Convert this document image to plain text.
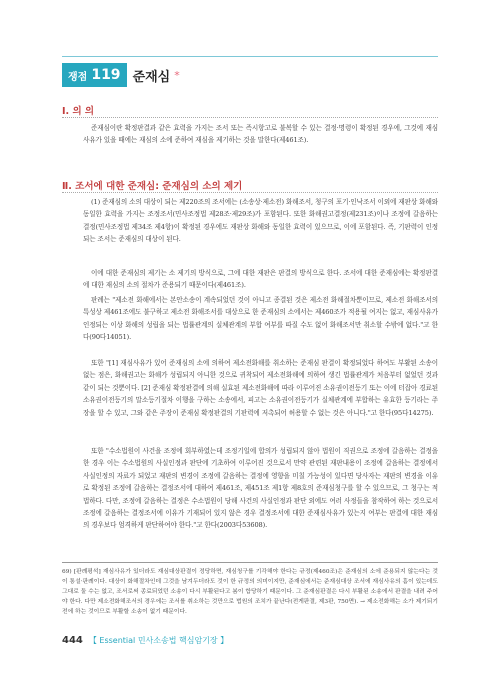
쟁점 119 준재심 *
Ⅰ. 의 의
준재심이란 확정판결과 같은 효력을 가지는 조서 또는 즉시항고로 불복할 수 있는 결정·명령이 확정된 경우에, 그것에 재심사유가 있을 때에는 재심의 소에 준하여 재심을 제기하는 것을 말한다(제461조).
Ⅱ. 조서에 대한 준재심: 준재심의 소의 제기
(1) 준재심의 소의 대상이 되는 제220조의 조서에는 (소송상·제소전) 화해조서, 청구의 포기·인낙조서 이외에 재판상 화해와 동일한 효력을 가지는 조정조서(민사조정법 제28조·제29조)가 포함된다. 또한 화해권고결정(제231조)이나 조정에 갈음하는 결정(민사조정법 제34조 제4항)이 확정된 경우에도 재판상 화해와 동일한 효력이 있으므로, 이에 포함된다. 즉, 기판력이 인정되는 조서는 준재심의 대상이 된다.
이에 대한 준재심의 제기는 소 제기의 방식으로, 그에 대한 재판은 판결의 방식으로 한다. 조서에 대한 준재심에는 확정판결에 대한 재심의 소의 절차가 준용되기 때문이다(제461조).
판례는 "제소전 화해에서는 본안소송이 계속되었던 것이 아니고 종결된 것은 제소전 화해절차뿐이므로, 제소전 화해조서의 특성상 제461조에도 불구하고 제소전 화해조서를 대상으로 한 준재심의 소에서는 제460조가 적용될 여지는 없고, 재심사유가 인정되는 이상 화해의 성립을 되는 법률관계의 실체관계의 부합 여부를 따질 수도 없어 화해조서만 취소할 수밖에 없다."고 한다(90다14051).
또한 "[1] 재심사유가 있어 준재심의 소에 의하여 제소전화해를 취소하는 준재심 판결이 확정되었다 하여도 부활된 소송이 없는 점은, 화해권고는 화해가 성립되지 아니한 것으로 귀착되어 제소전화해에 의하여 생긴 법률관계가 처음부터 없었던 것과 같이 되는 것뿐이다. [2] 준재심 확정판결에 의해 실효된 제소전화해에 따라 이루어진 소유권이전등기 또는 이에 터잡아 경료된 소유권이전등기의 말소등기절차 이행을 구하는 소송에서, 피고는 소유권이전등기가 실체관계에 부합하는 유효한 등기라는 주장을 할 수 있고, 그와 같은 주장이 준재심 확정판결의 기판력에 저촉되어 허용할 수 없는 것은 아니다."고 한다(95다14275).
또한 "수소법원이 사건을 조정에 회부하였는데 조정기일에 합의가 성립되지 않아 법원이 직권으로 조정에 갈음하는 결정을 한 경우 이는 수소법원의 사실인정과 판단에 기초하여 이루어진 것으로서 만약 관련된 재판내용이 조정에 갈음하는 결정에서 사실인정의 자료가 되었고 재판의 변경이 조정에 갈음하는 결정에 영향을 미칠 가능성이 있다면 당사자는 재판의 변경을 이유로 확정된 조정에 갈음하는 결정조서에 대하여 제461조, 제451조 제1항 제8호의 준재심청구를 할 수 있으므로, 그 청구는 적법하다. 다만, 조정에 갈음하는 결정은 수소법원이 당해 사건의 사실인정과 판단 외에도 여러 사정들을 참작하여 하는 것으로서 조정에 갈음하는 결정조서에 이유가 기재되어 있지 않은 경우 결정조서에 대한 준재심사유가 있는지 여부는 판결에 대한 재심의 경우보다 엄격하게 판단하여야 한다."고 한다(2003다53608).
69) [판례평석] 재심사유가 있더라도 재심대상판결이 정당하면, 재심청구를 기각해야 한다는 규정(제460조)은 준재심의 소에 준용되지 않는다는 것이 통설·판례이다. 대상이 화해절차인데 그것을 남겨두더라도 것이 한 규정의 의미이지만, 준재심에서는 준재심대상 조서에 재심사유의 흠이 있는데도 그대로 둘 수는 없고, 조서로써 종료되었던 소송이 다시 부활된다고 봄이 합당하기 때문이다. 그 준재심판결은 다시 부활된 소송에서 판결을 내려 주어야 한다. 다만 제소전화해조서의 경우에는 조서를 취소하는 것만으로 법원의 조치가 끝난다(전게판결, 제3판, 750면). → 제소전화해는 소가 제기되기 전에 하는 것이므로 부활할 소송이 없기 때문이다.
444 【 Essential 민사소송법 핵심암기장 】
